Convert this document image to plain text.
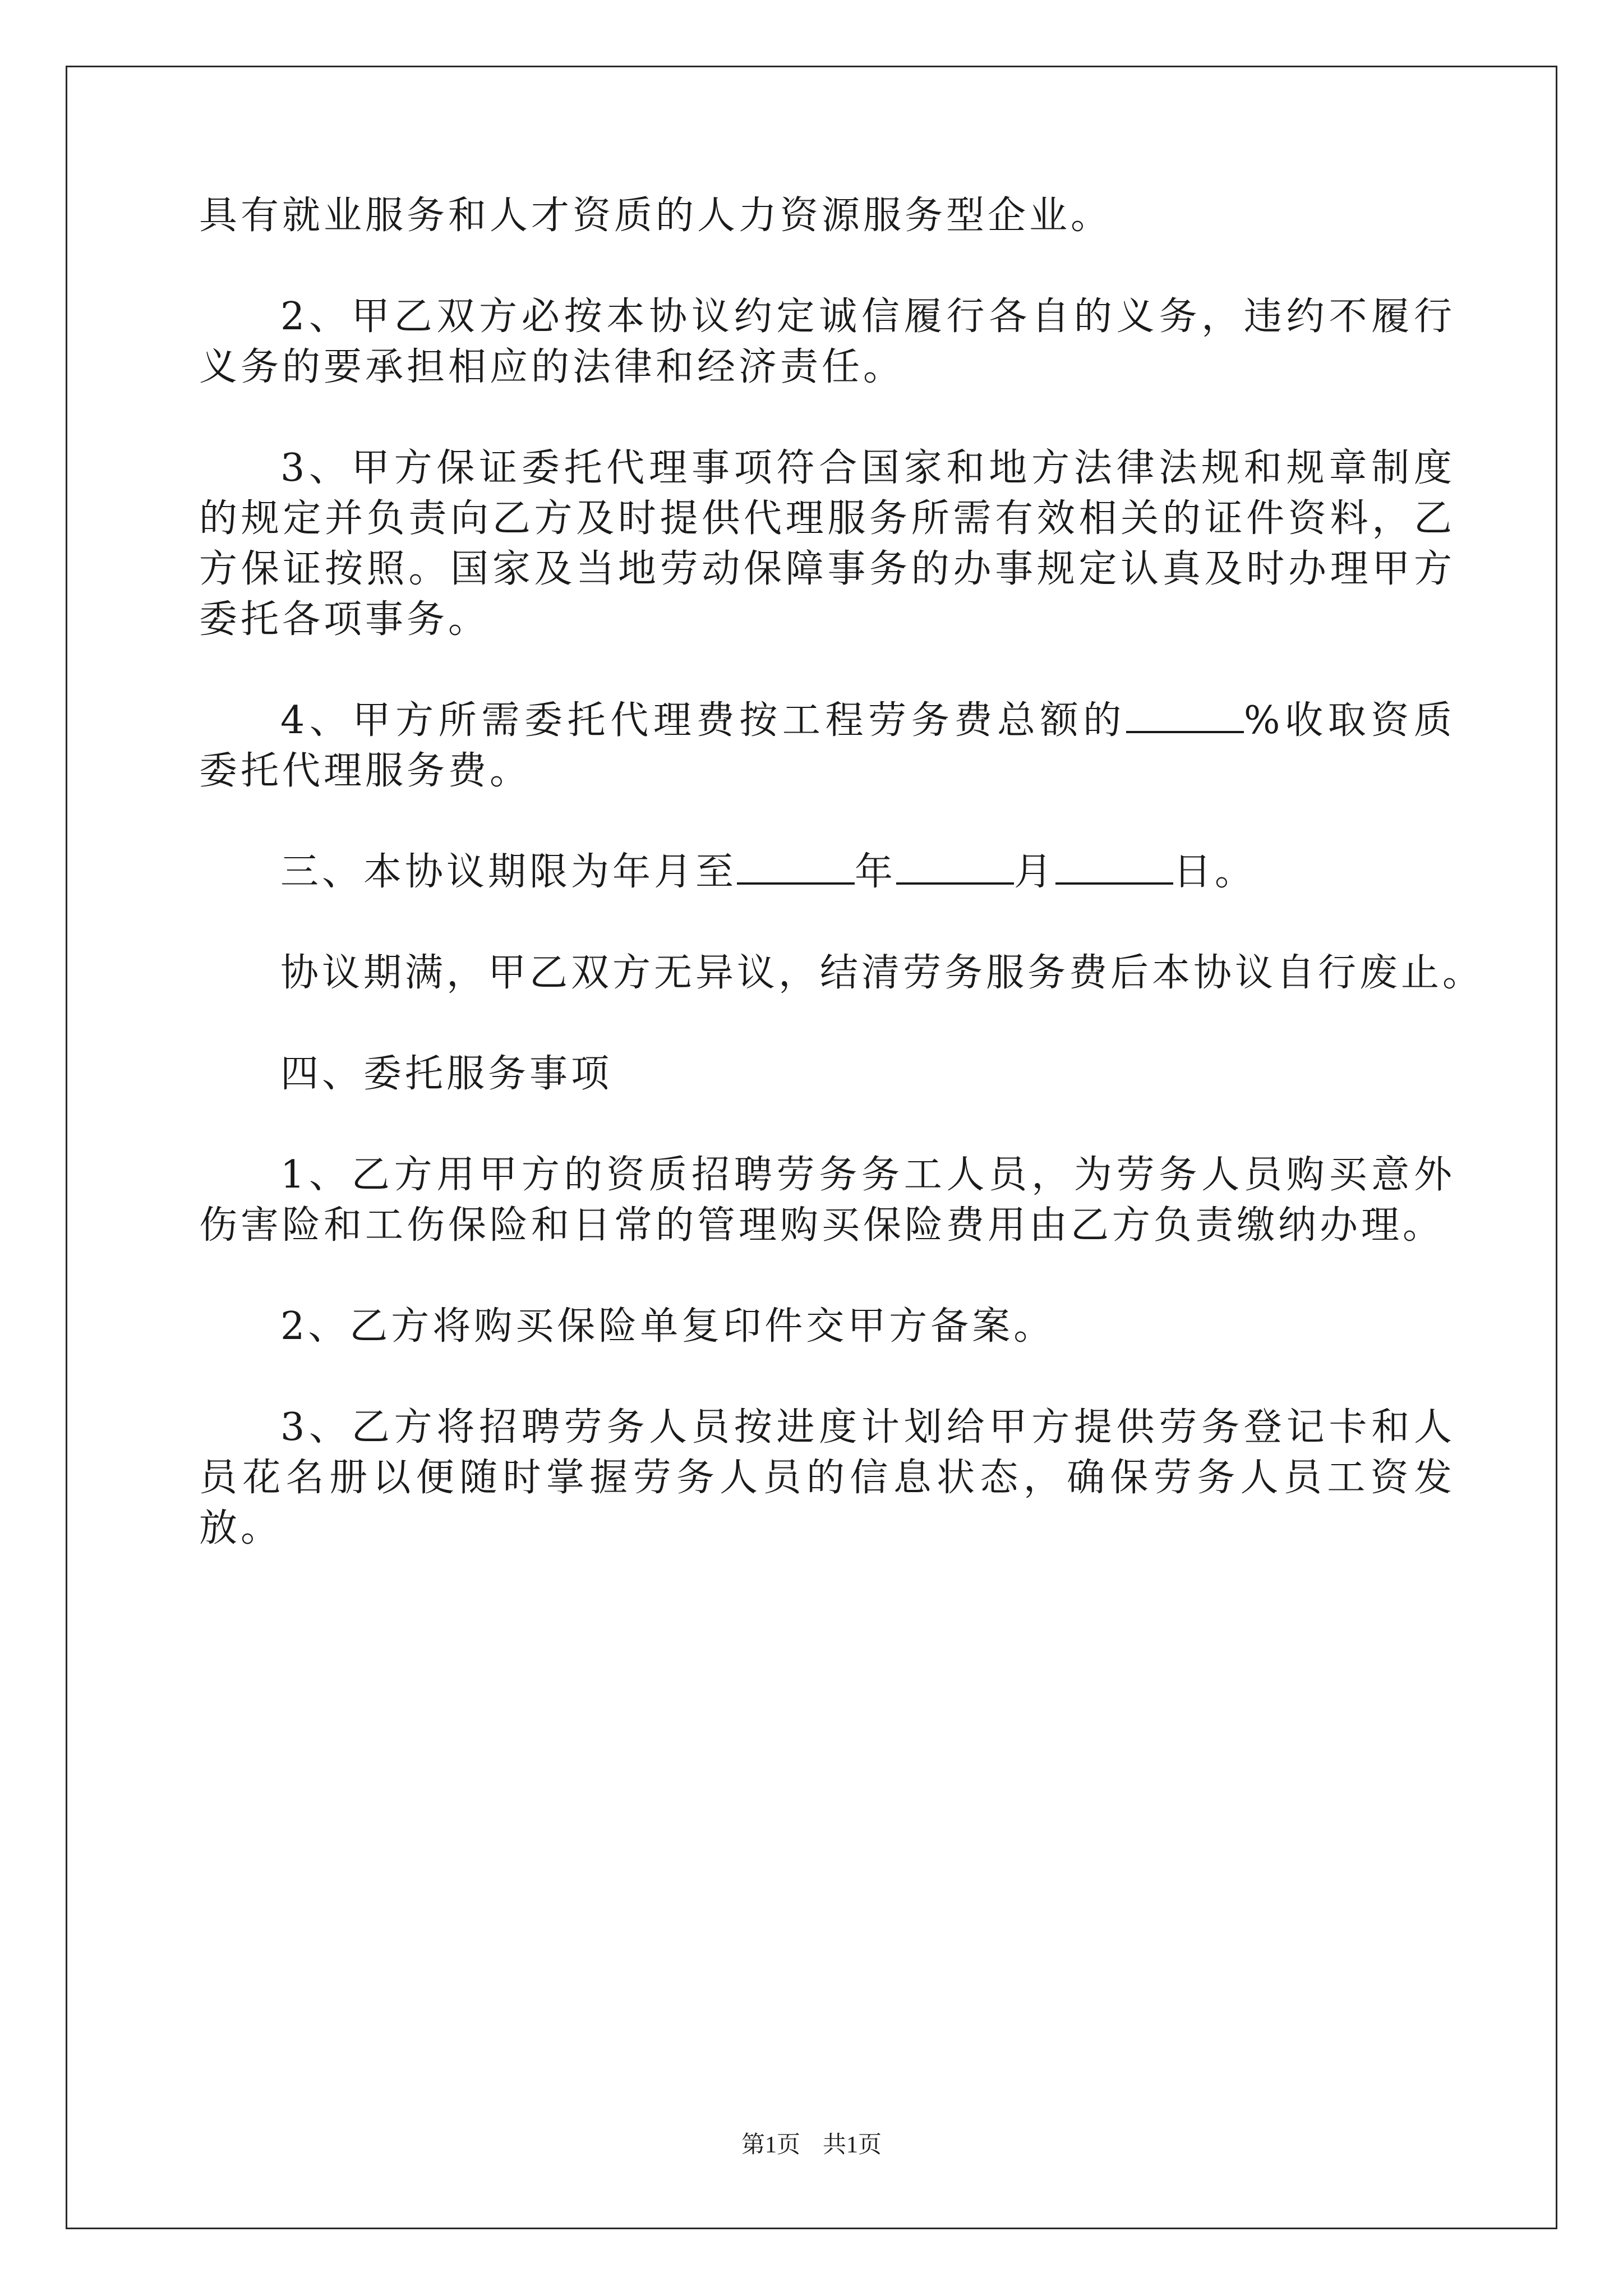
具有就业服务和人才资质的人力资源服务型企业。

2、甲乙双方必按本协议约定诚信履行各自的义务，违约不履行义务的要承担相应的法律和经济责任。

3、甲方保证委托代理事项符合国家和地方法律法规和规章制度的规定并负责向乙方及时提供代理服务所需有效相关的证件资料，乙方保证按照。国家及当地劳动保障事务的办事规定认真及时办理甲方委托各项事务。

4、甲方所需委托代理费按工程劳务费总额的	%收取资质委托代理服务费。

三、本协议期限为年月至	年	月	日。

协议期满，甲乙双方无异议，结清劳务服务费后本协议自行废止。

四、委托服务事项

1、乙方用甲方的资质招聘劳务务工人员，为劳务人员购买意外伤害险和工伤保险和日常的管理购买保险费用由乙方负责缴纳办理。

2、乙方将购买保险单复印件交甲方备案。

3、乙方将招聘劳务人员按进度计划给甲方提供劳务登记卡和人员花名册以便随时掌握劳务人员的信息状态，确保劳务人员工资发放。

第1页 共1页
